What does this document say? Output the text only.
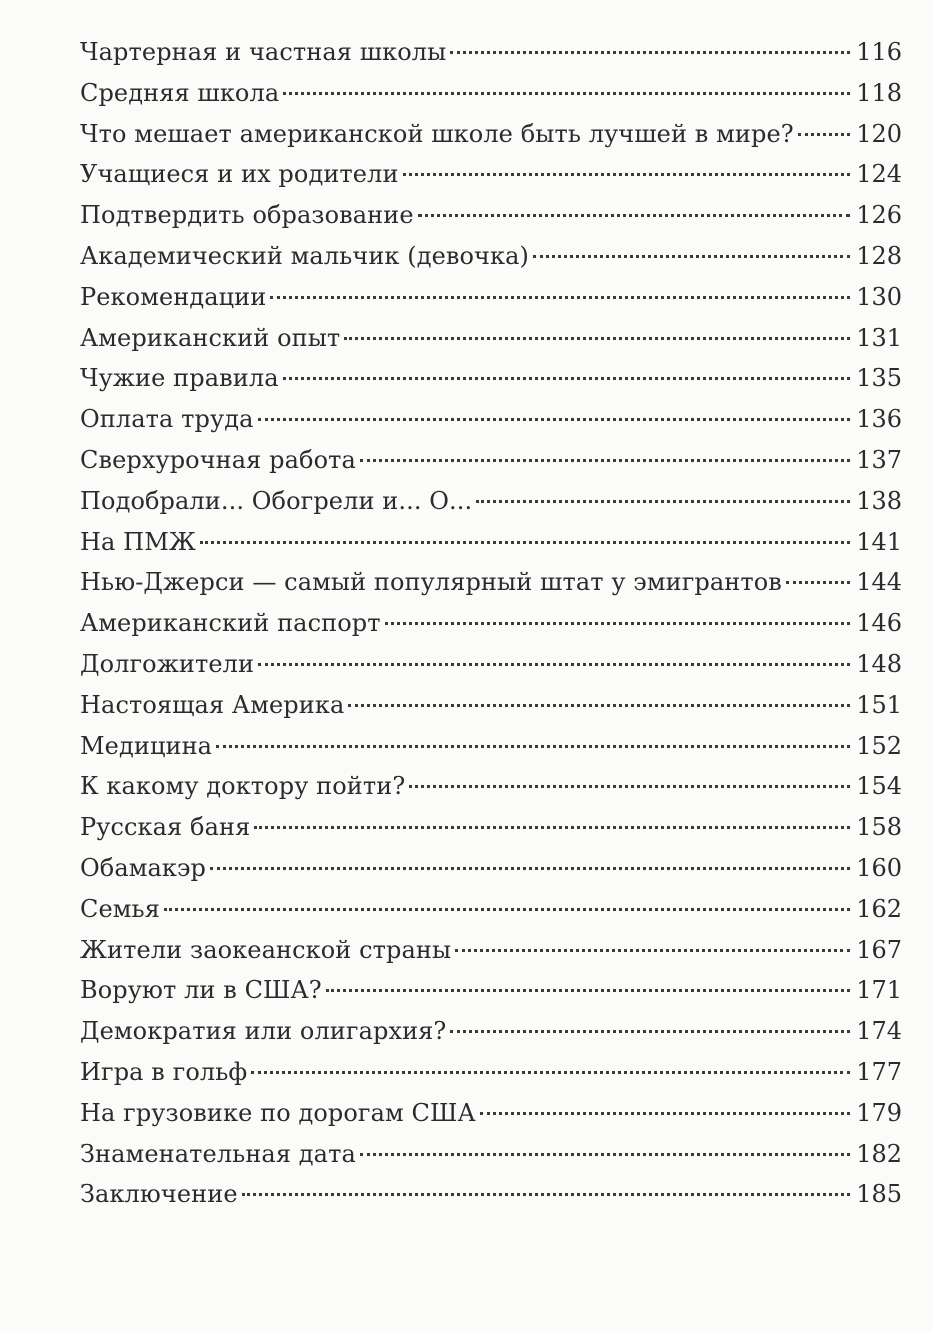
Чартерная и частная школы	116
Средняя школа	118
Что мешает американской школе быть лучшей в мире?	120
Учащиеся и их родители	124
Подтвердить образование	126
Академический мальчик (девочка)	128
Рекомендации	130
Американский опыт	131
Чужие правила	135
Оплата труда	136
Сверхурочная работа	137
Подобрали... Обогрели и... О...	138
На ПМЖ	141
Нью-Джерси — самый популярный штат у эмигрантов	144
Американский паспорт	146
Долгожители	148
Настоящая Америка	151
Медицина	152
К какому доктору пойти?	154
Русская баня	158
Обамакэр	160
Семья	162
Жители заокеанской страны	167
Воруют ли в США?	171
Демократия или олигархия?	174
Игра в гольф	177
На грузовике по дорогам США	179
Знаменательная дата	182
Заключение	185
